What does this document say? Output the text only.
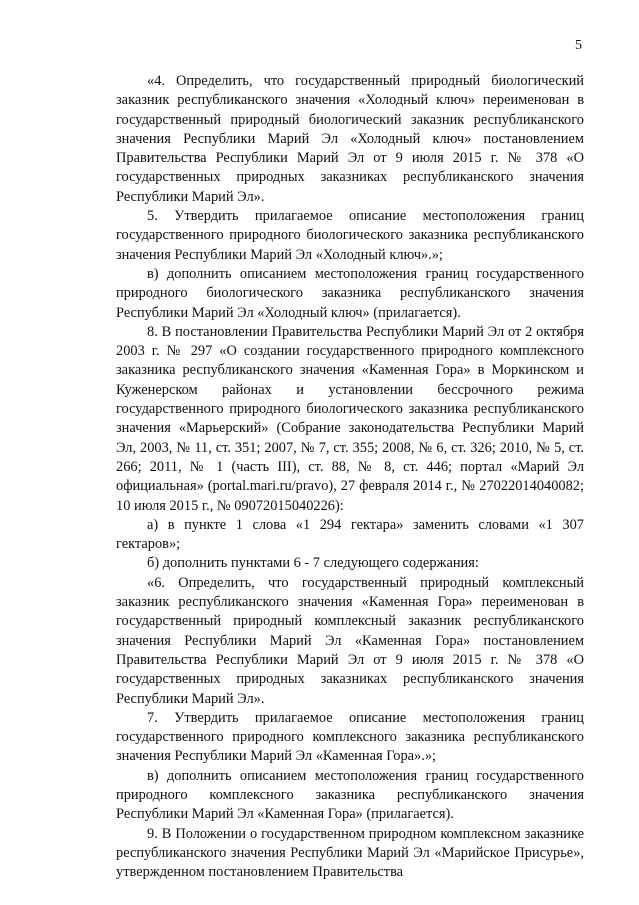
5

«4. Определить, что государственный природный биологический заказник республиканского значения «Холодный ключ» переименован в государственный природный биологический заказник республиканского значения Республики Марий Эл «Холодный ключ» постановлением Правительства Республики Марий Эл от 9 июля 2015 г. № 378 «О государственных природных заказниках республиканского значения Республики Марий Эл».

5. Утвердить прилагаемое описание местоположения границ государственного природного биологического заказника республиканского значения Республики Марий Эл «Холодный ключ».»;

в) дополнить описанием местоположения границ государственного природного биологического заказника республиканского значения Республики Марий Эл «Холодный ключ» (прилагается).

8. В постановлении Правительства Республики Марий Эл от 2 октября 2003 г. № 297 «О создании государственного природного комплексного заказника республиканского значения «Каменная Гора» в Моркинском и Куженерском районах и установлении бессрочного режима государственного природного биологического заказника республиканского значения «Марьерский» (Собрание законодательства Республики Марий Эл, 2003, № 11, ст. 351; 2007, № 7, ст. 355; 2008, № 6, ст. 326; 2010, № 5, ст. 266; 2011, № 1 (часть III), ст. 88, № 8, ст. 446; портал «Марий Эл официальная» (portal.mari.ru/pravo), 27 февраля 2014 г., № 27022014040082; 10 июля 2015 г., № 09072015040226):

а) в пункте 1 слова «1 294 гектара» заменить словами «1 307 гектаров»;

б) дополнить пунктами 6 - 7 следующего содержания:

«6. Определить, что государственный природный комплексный заказник республиканского значения «Каменная Гора» переименован в государственный природный комплексный заказник республиканского значения Республики Марий Эл «Каменная Гора» постановлением Правительства Республики Марий Эл от 9 июля 2015 г. № 378 «О государственных природных заказниках республиканского значения Республики Марий Эл».

7. Утвердить прилагаемое описание местоположения границ государственного природного комплексного заказника республиканского значения Республики Марий Эл «Каменная Гора».»;

в) дополнить описанием местоположения границ государственного природного комплексного заказника республиканского значения Республики Марий Эл «Каменная Гора» (прилагается).

9. В Положении о государственном природном комплексном заказнике республиканского значения Республики Марий Эл «Марийское Присурье», утвержденном постановлением Правительства
